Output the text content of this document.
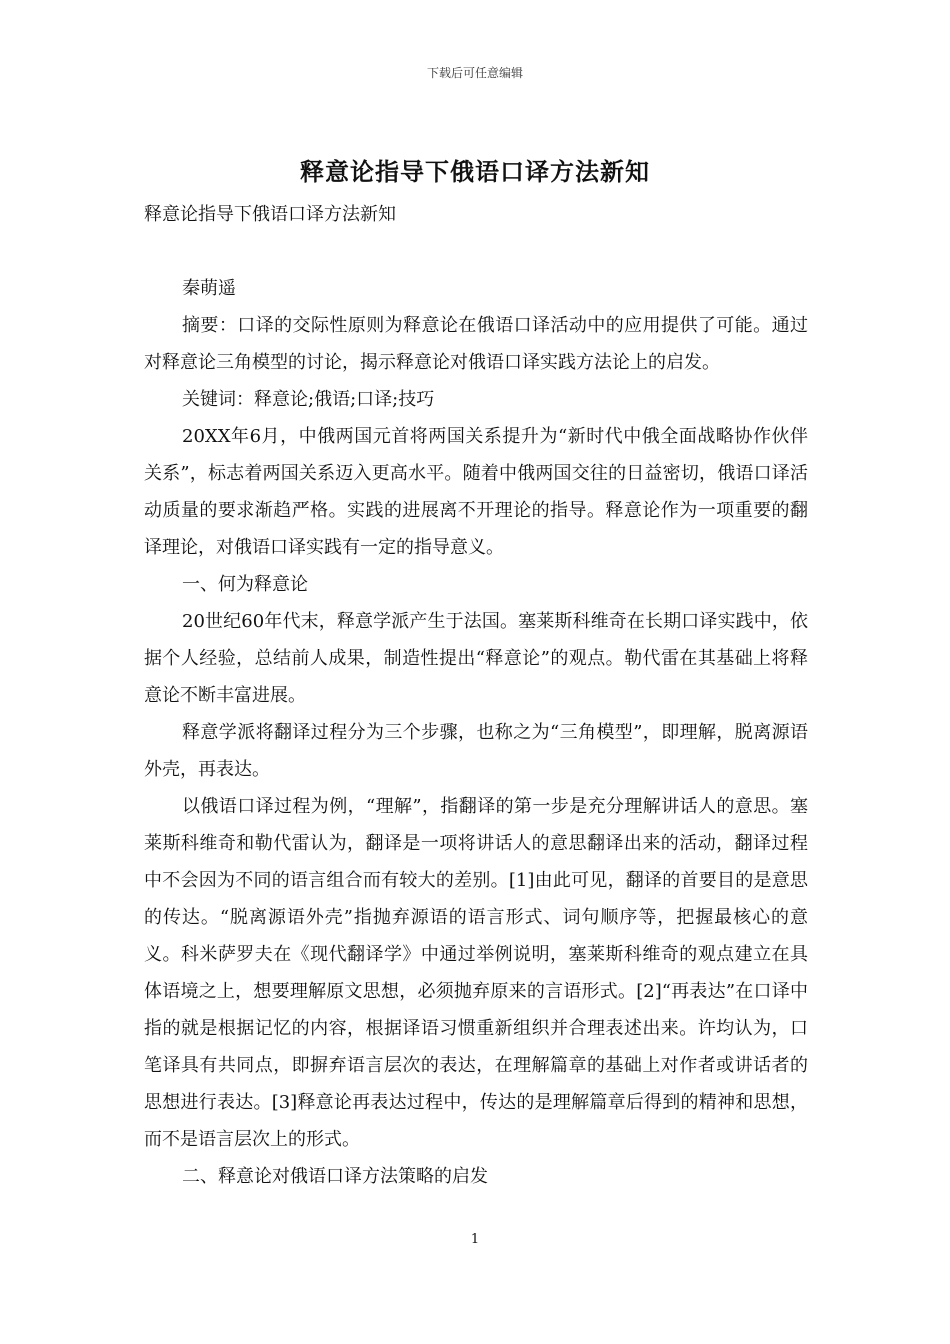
下载后可任意编辑
释意论指导下俄语口译方法新知

释意论指导下俄语口译方法新知

秦萌遥

摘要：口译的交际性原则为释意论在俄语口译活动中的应用提供了可能。通过对释意论三角模型的讨论，揭示释意论对俄语口译实践方法论上的启发。

关键词：释意论;俄语;口译;技巧

20XX年6月，中俄两国元首将两国关系提升为“新时代中俄全面战略协作伙伴关系”，标志着两国关系迈入更高水平。随着中俄两国交往的日益密切，俄语口译活动质量的要求渐趋严格。实践的进展离不开理论的指导。释意论作为一项重要的翻译理论，对俄语口译实践有一定的指导意义。

一、何为释意论

20世纪60年代末，释意学派产生于法国。塞莱斯科维奇在长期口译实践中，依据个人经验，总结前人成果，制造性提出“释意论”的观点。勒代雷在其基础上将释意论不断丰富进展。

释意学派将翻译过程分为三个步骤，也称之为“三角模型”，即理解，脱离源语外壳，再表达。

以俄语口译过程为例，“理解”，指翻译的第一步是充分理解讲话人的意思。塞莱斯科维奇和勒代雷认为，翻译是一项将讲话人的意思翻译出来的活动，翻译过程中不会因为不同的语言组合而有较大的差别。[1]由此可见，翻译的首要目的是意思的传达。“脱离源语外壳”指抛弃源语的语言形式、词句顺序等，把握最核心的意义。科米萨罗夫在《现代翻译学》中通过举例说明，塞莱斯科维奇的观点建立在具体语境之上，想要理解原文思想，必须抛弃原来的言语形式。[2]“再表达”在口译中指的就是根据记忆的内容，根据译语习惯重新组织并合理表述出来。许均认为，口笔译具有共同点，即摒弃语言层次的表达，在理解篇章的基础上对作者或讲话者的思想进行表达。[3]释意论再表达过程中，传达的是理解篇章后得到的精神和思想，而不是语言层次上的形式。

二、释意论对俄语口译方法策略的启发

1
